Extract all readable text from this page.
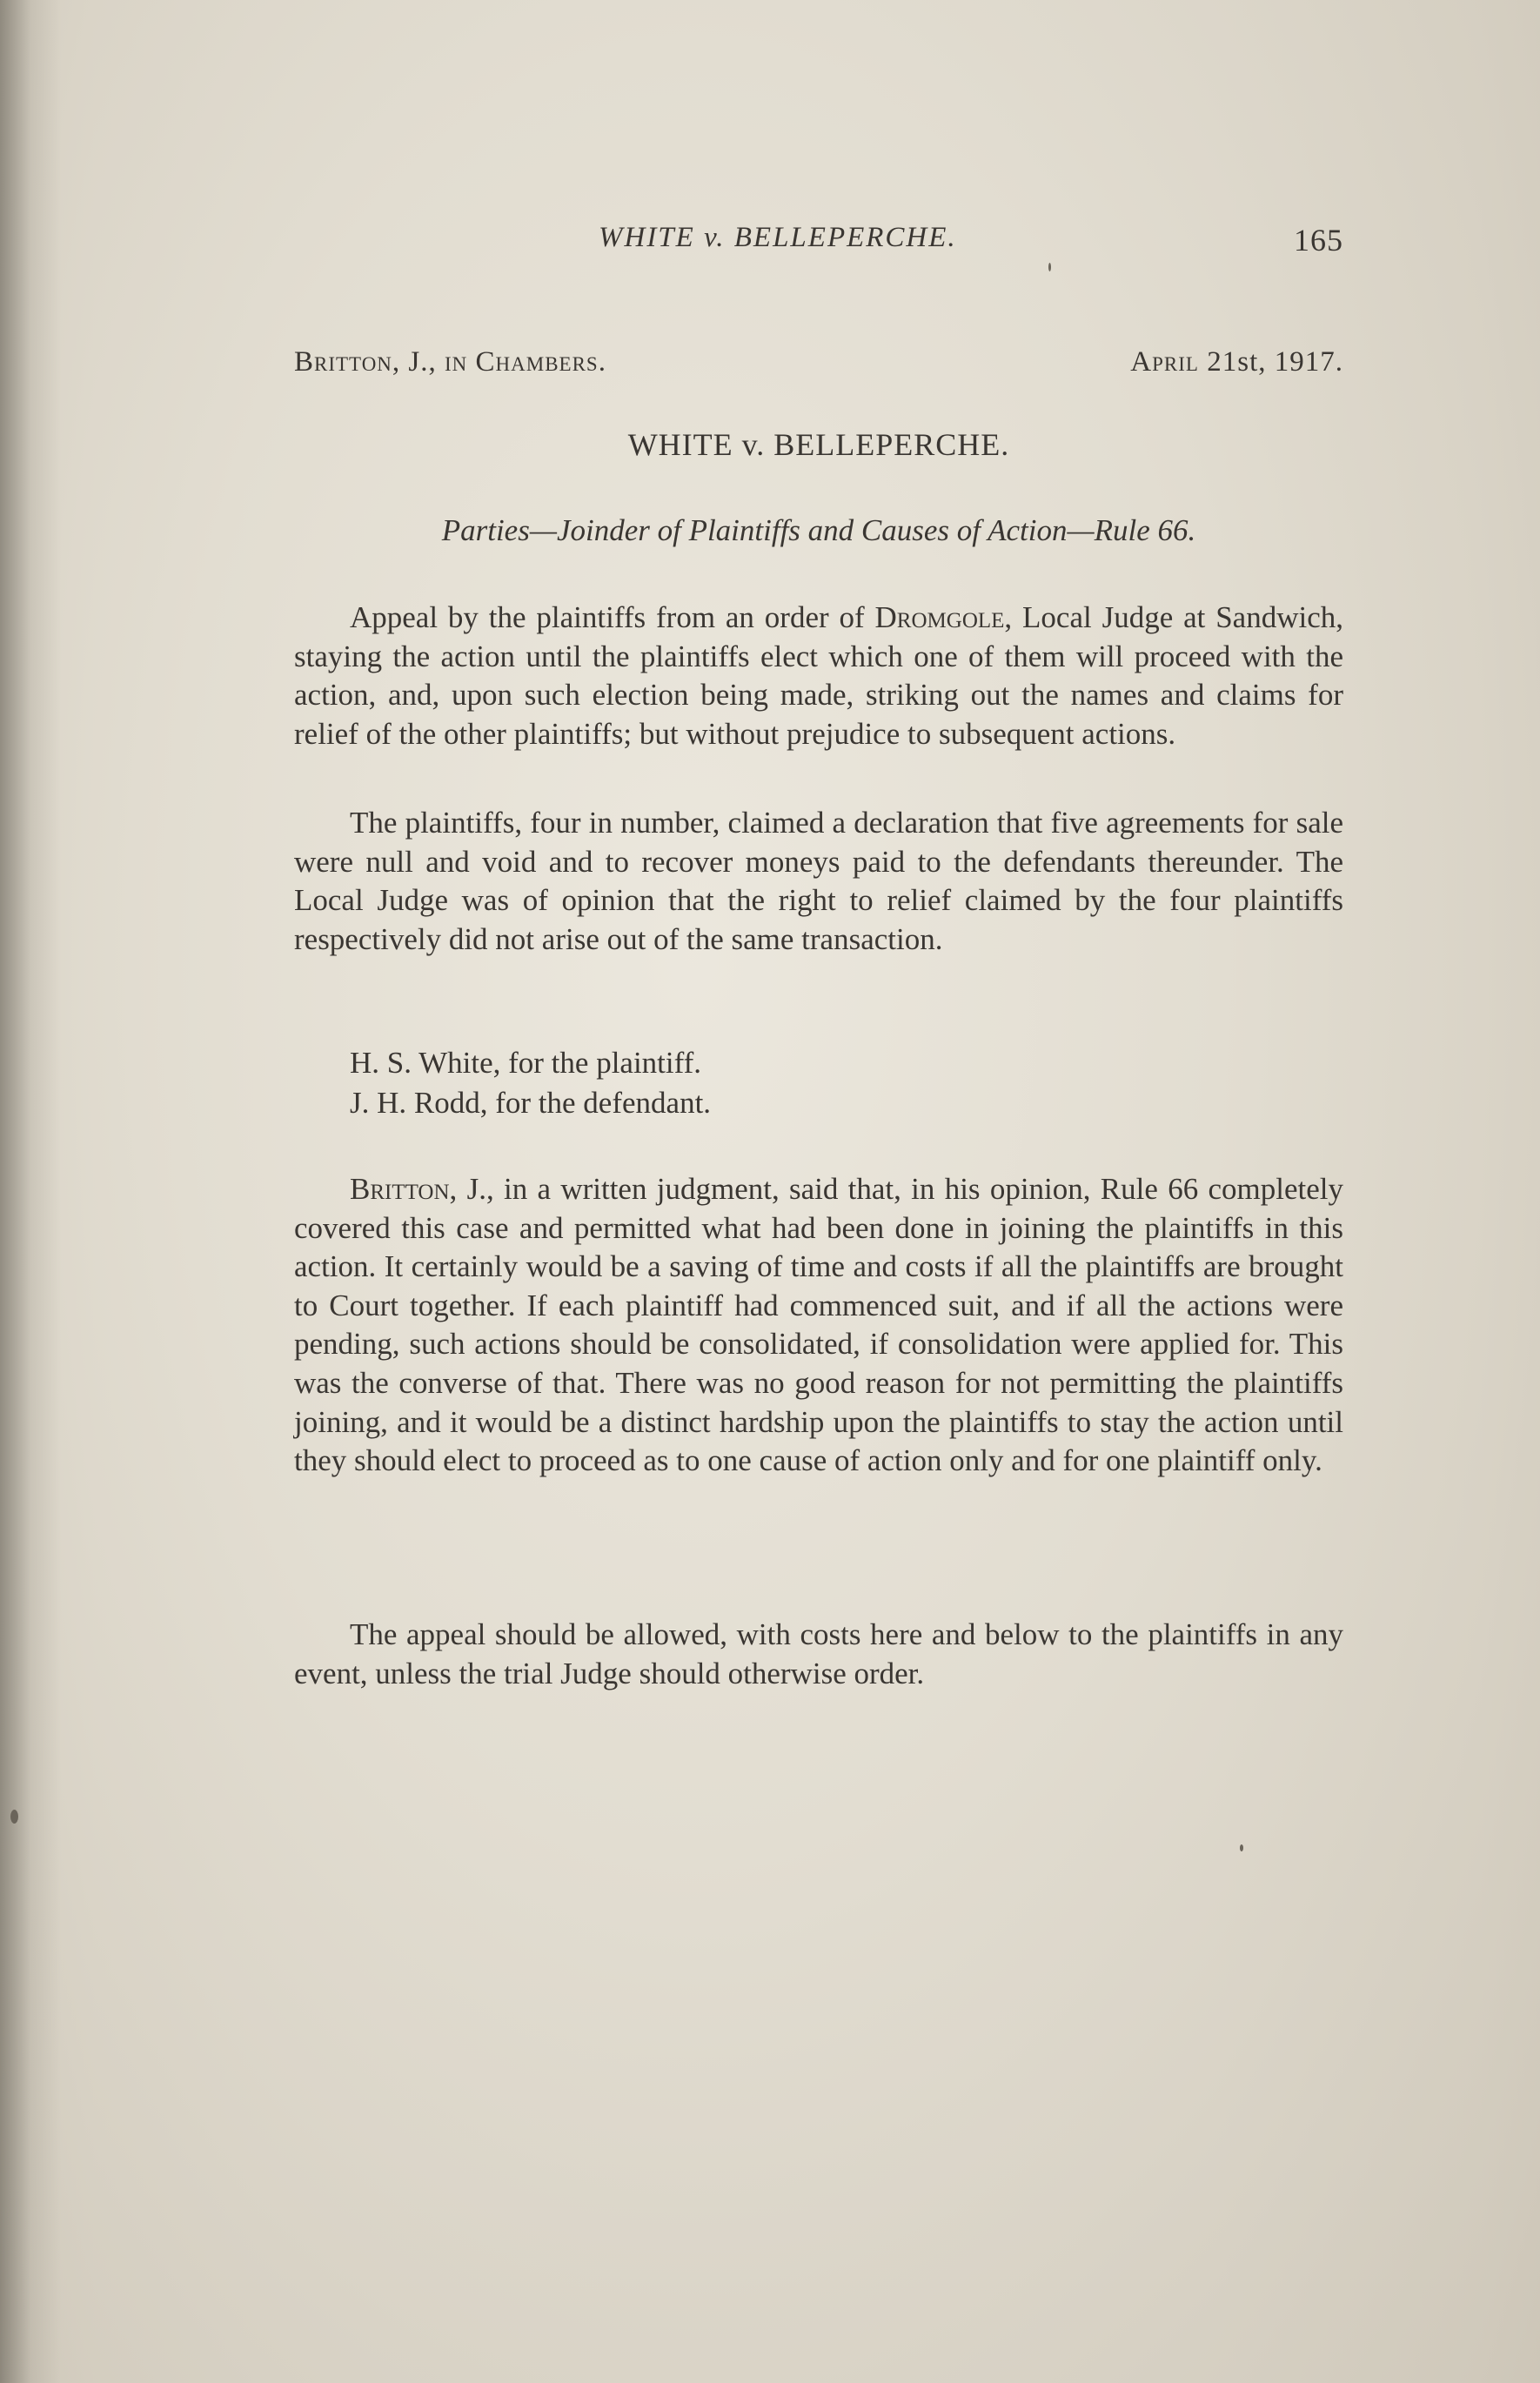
WHITE v. BELLEPERCHE.	165
Britton, J., in Chambers.	April 21st, 1917.
WHITE v. BELLEPERCHE.
Parties—Joinder of Plaintiffs and Causes of Action—Rule 66.

Appeal by the plaintiffs from an order of Dromgole, Local Judge at Sandwich, staying the action until the plaintiffs elect which one of them will proceed with the action, and, upon such election being made, striking out the names and claims for relief of the other plaintiffs; but without prejudice to subsequent actions.

The plaintiffs, four in number, claimed a declaration that five agreements for sale were null and void and to recover moneys paid to the defendants thereunder. The Local Judge was of opinion that the right to relief claimed by the four plaintiffs respectively did not arise out of the same transaction.

H. S. White, for the plaintiff.
J. H. Rodd, for the defendant.

Britton, J., in a written judgment, said that, in his opinion, Rule 66 completely covered this case and permitted what had been done in joining the plaintiffs in this action. It certainly would be a saving of time and costs if all the plaintiffs are brought to Court together. If each plaintiff had commenced suit, and if all the actions were pending, such actions should be consolidated, if consolidation were applied for. This was the converse of that. There was no good reason for not permitting the plaintiffs joining, and it would be a distinct hardship upon the plaintiffs to stay the action until they should elect to proceed as to one cause of action only and for one plaintiff only.

The appeal should be allowed, with costs here and below to the plaintiffs in any event, unless the trial Judge should otherwise order.
